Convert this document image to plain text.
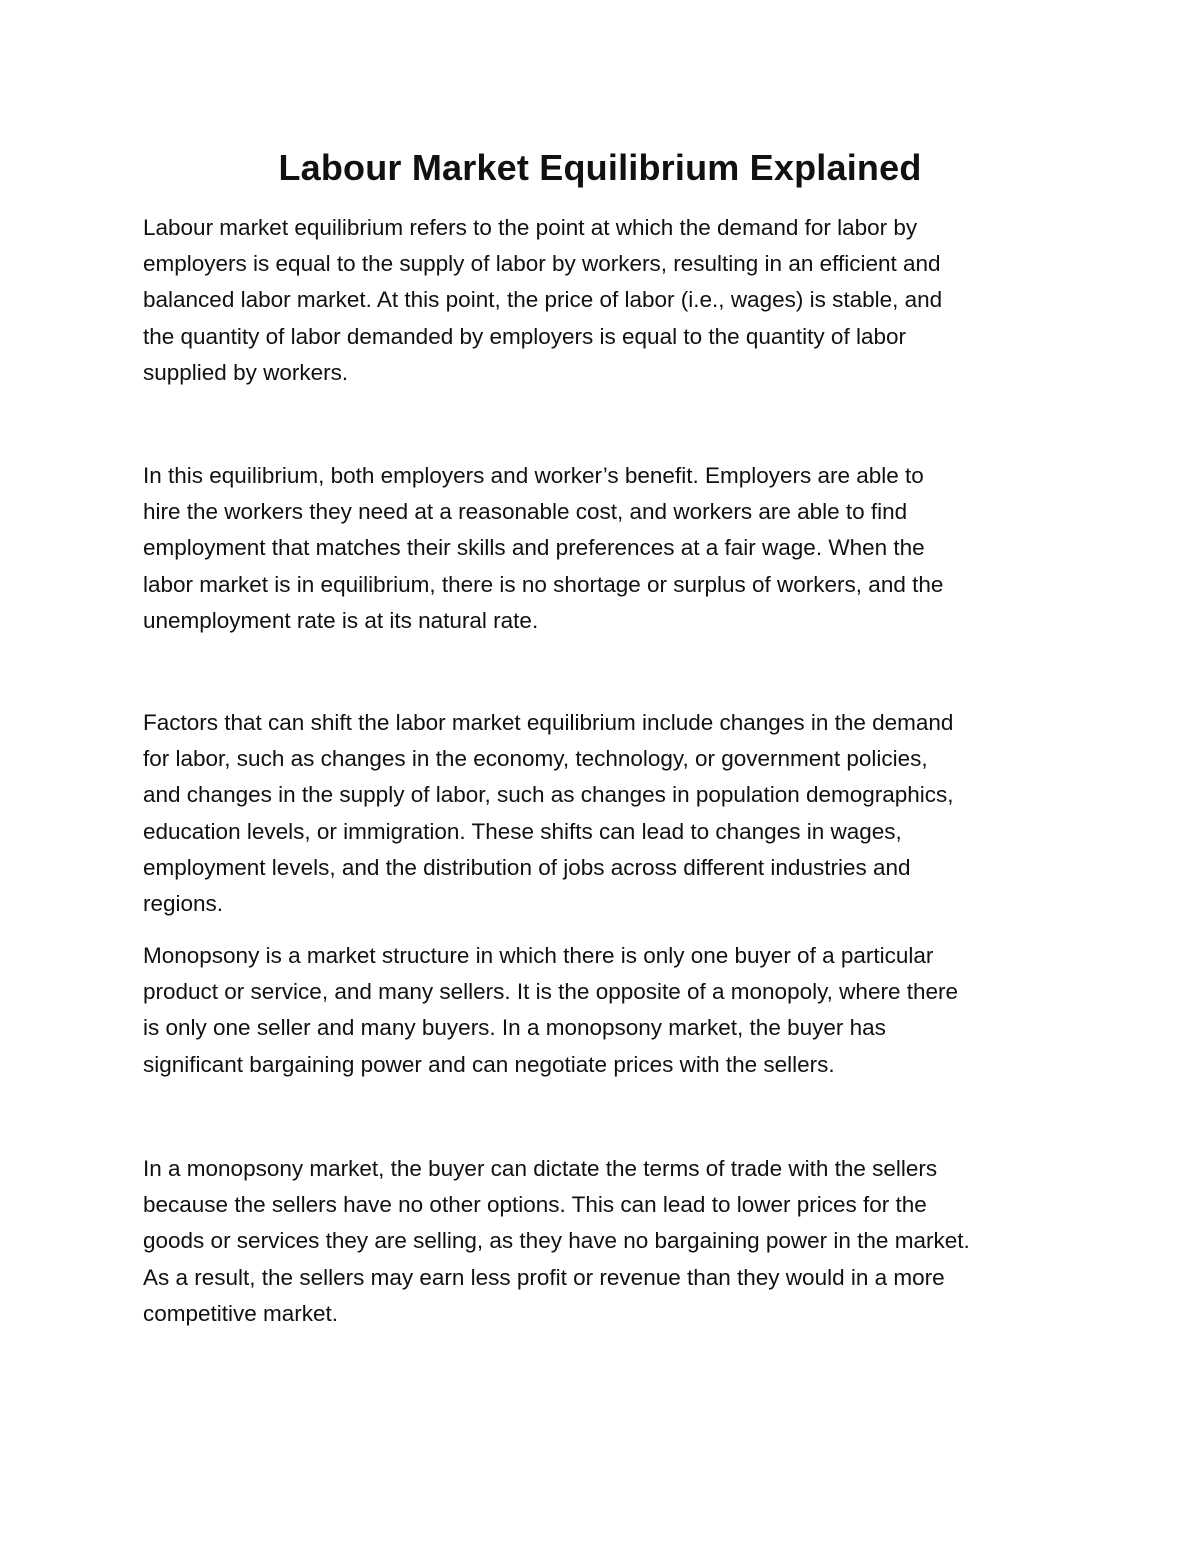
Labour Market Equilibrium Explained

Labour market equilibrium refers to the point at which the demand for labor by
employers is equal to the supply of labor by workers, resulting in an efficient and
balanced labor market. At this point, the price of labor (i.e., wages) is stable, and
the quantity of labor demanded by employers is equal to the quantity of labor
supplied by workers.

In this equilibrium, both employers and worker’s benefit. Employers are able to
hire the workers they need at a reasonable cost, and workers are able to find
employment that matches their skills and preferences at a fair wage. When the
labor market is in equilibrium, there is no shortage or surplus of workers, and the
unemployment rate is at its natural rate.

Factors that can shift the labor market equilibrium include changes in the demand
for labor, such as changes in the economy, technology, or government policies,
and changes in the supply of labor, such as changes in population demographics,
education levels, or immigration. These shifts can lead to changes in wages,
employment levels, and the distribution of jobs across different industries and
regions.

Monopsony is a market structure in which there is only one buyer of a particular
product or service, and many sellers. It is the opposite of a monopoly, where there
is only one seller and many buyers. In a monopsony market, the buyer has
significant bargaining power and can negotiate prices with the sellers.

In a monopsony market, the buyer can dictate the terms of trade with the sellers
because the sellers have no other options. This can lead to lower prices for the
goods or services they are selling, as they have no bargaining power in the market.
As a result, the sellers may earn less profit or revenue than they would in a more
competitive market.
